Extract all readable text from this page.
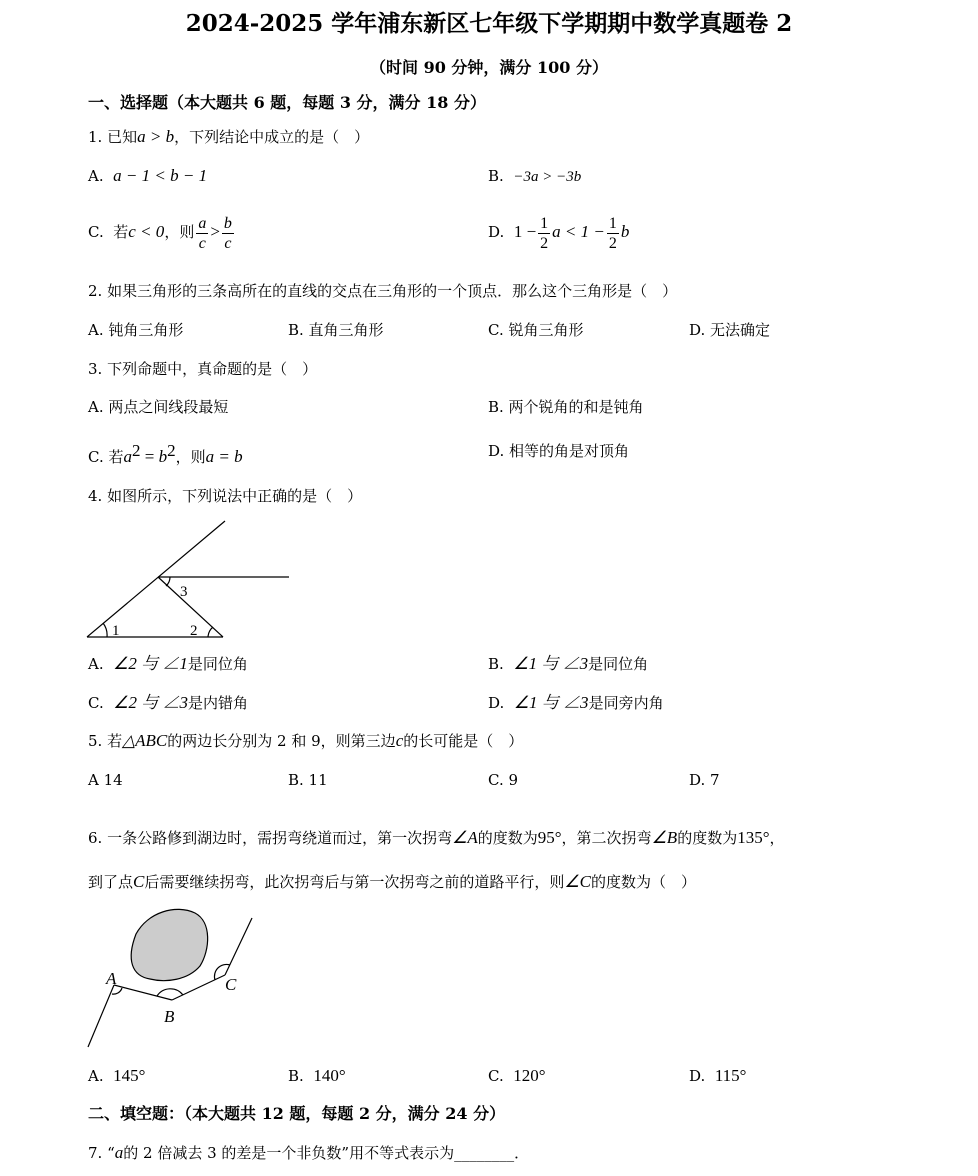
2024-2025 学年浦东新区七年级下学期期中数学真题卷 2
（时间 90 分钟，满分 100 分）
一、选择题（本大题共 6 题，每题 3 分，满分 18 分）
1. 已知a > b，下列结论中成立的是（　）
A. a − 1 < b − 1	B. −3a > −3b
C. 若c < 0，则 $\frac{a}{c} > \frac{b}{c}$	D. $1 - \frac{1}{2}$ $a < 1 - \frac{1}{2}$ b
2. 如果三角形的三条高所在的直线的交点在三角形的一个顶点．那么这个三角形是（　）
A. 钝角三角形	B. 直角三角形	C. 锐角三角形	D. 无法确定
3. 下列命题中，真命题的是（　）
A. 两点之间线段最短	B. 两个锐角的和是钝角
C. 若$a^2 = b^2$，则a = b	D. 相等的角是对顶角
4. 如图所示，下列说法中正确的是（　）
1	2
3
A. ∠2 与 ∠1是同位角	B. ∠1 与 ∠3是同位角
C. ∠2 与 ∠3是内错角	D. ∠1 与 ∠3是同旁内角
5. 若△ABC的两边长分别为 2 和 9，则第三边c的长可能是（　）
A 14	B. 11	C. 9	D. 7
6. 一条公路修到湖边时，需拐弯绕道而过，第一次拐弯∠A的度数为95°，第二次拐弯∠B的度数为135°，
到了点C后需要继续拐弯，此次拐弯后与第一次拐弯之前的道路平行，则∠C的度数为（　）
A
B
C
A. 145°	B. 140°	C. 120°	D. 115°
二、填空题：（本大题共 12 题，每题 2 分，满分 24 分）
7. “a的 2 倍减去 3 的差是一个非负数”用不等式表示为________．
